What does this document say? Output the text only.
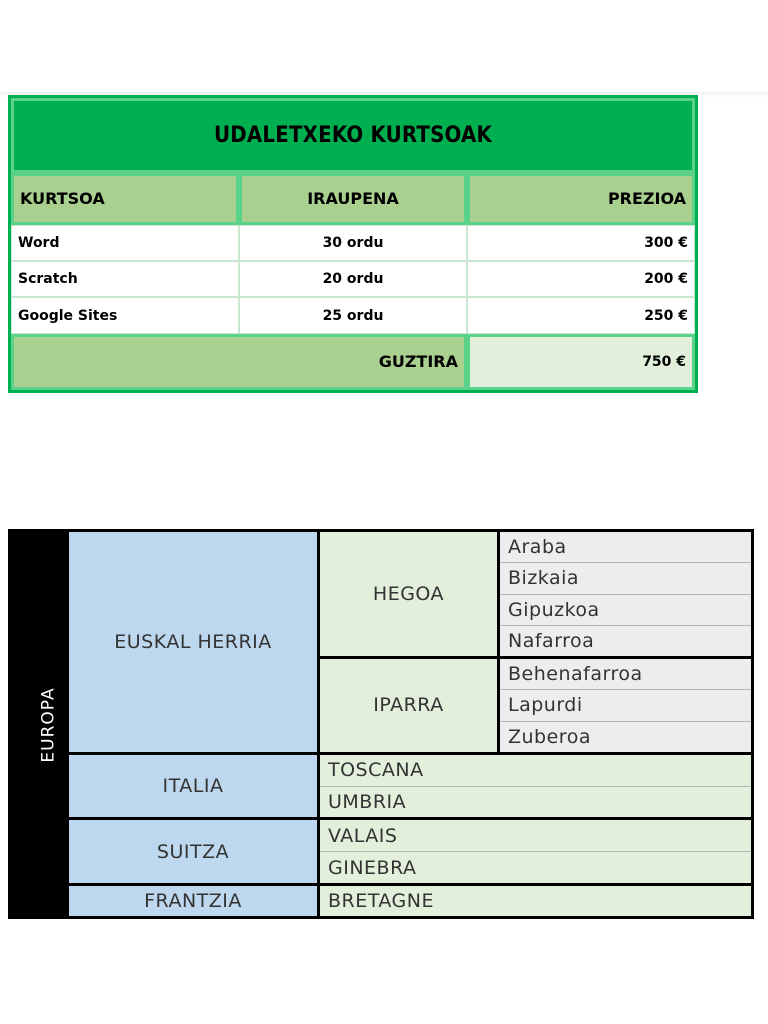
UDALETXEKO KURTSOAK		
KURTSOA	IRAUPENA	PREZIOA
Word	30 ordu	300 €
Scratch	20 ordu	200 €
Google Sites	25 ordu	250 €
GUZTIRA		750 €
EUROPA	EUSKAL HERRIA	HEGOA	Araba
			Bizkaia
			Gipuzkoa
			Nafarroa
		IPARRA	Behenafarroa
			Lapurdi
			Zuberoa
	ITALIA	TOSCANA	
		UMBRIA	
	SUITZA	VALAIS	
		GINEBRA	
	FRANTZIA	BRETAGNE	
